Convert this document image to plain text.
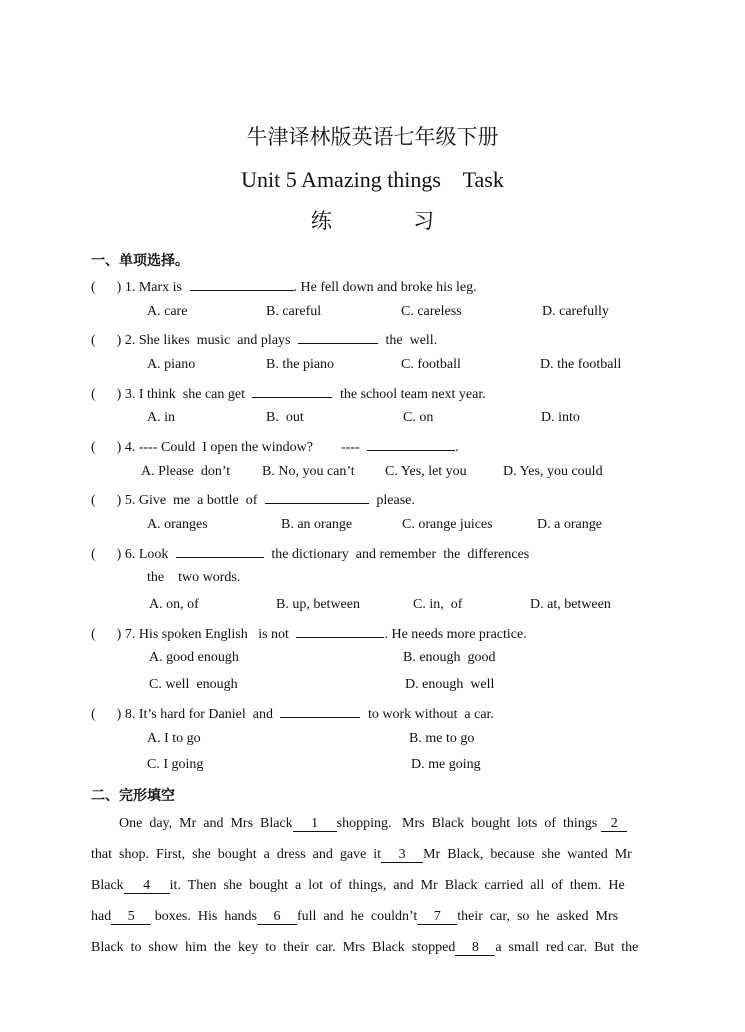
牛津译林版英语七年级下册
Unit 5 Amazing things    Task
练 习
一、单项选择。
(      ) 1. Marx is	. He fell down and broke his leg.
A. care	B. careful	C. careless	D. carefully
(      ) 2. She likes  music  and plays	the  well.
A. piano	B. the piano	C. football	D. the football
(      ) 3. I think  she can get	the school team next year.
A. in	B.  out	C. on	D. into
(      ) 4. ---- Could  I open the window?        ----	.
A. Please  don’t B. No, you can’t C. Yes, let you	D. Yes, you could
(      ) 5. Give  me  a bottle  of	please.
A. oranges	B. an orange	C. orange juices	D. a orange
(      ) 6. Look	the dictionary  and remember  the  differences
the    two words.
A. on, of	B. up, between	C. in,  of	D. at, between
(      ) 7. His spoken English   is not	. He needs more practice.
A. good enough	B. enough  good
C. well  enough	D. enough  well
(      ) 8. It’s hard for Daniel  and	to work without  a car.
A. I to go	B. me to go
C. I going	D. me going
二、完形填空
One  day,  Mr  and  Mrs  Black 1 shopping.   Mrs  Black  bought  lots  of  things 2
that  shop.  First,  she  bought  a  dress  and  gave  it 3 Mr  Black,  because  she  wanted  Mr
Black 4 it.  Then  she  bought  a  lot  of  things,  and  Mr  Black  carried  all  of  them.  He
had 5 boxes.  His  hands 6 full  and  he  couldn’t 7 their  car,  so  he  asked  Mrs
Black  to  show  him  the  key  to  their  car.  Mrs  Black  stopped 8 a  small  red car.  But  the
